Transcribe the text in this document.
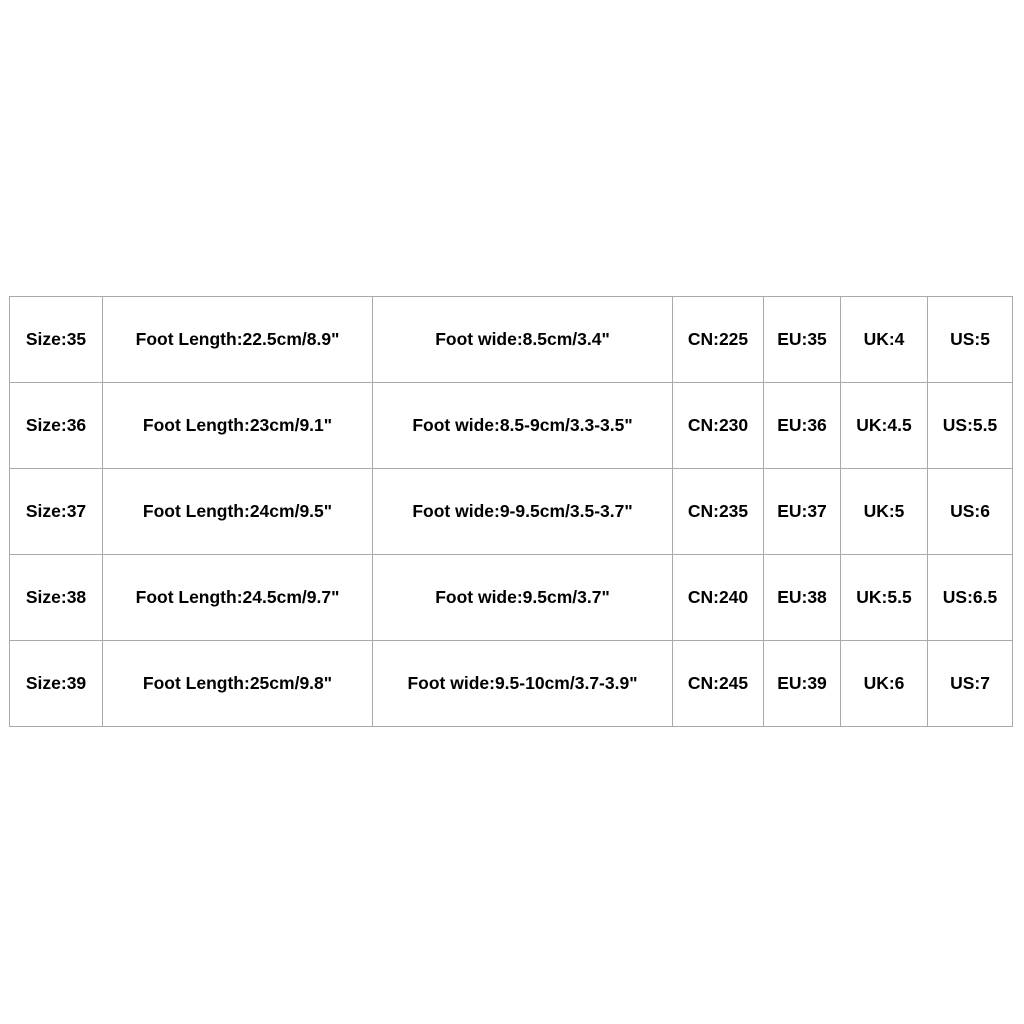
Size:35	Foot Length:22.5cm/8.9"	Foot wide:8.5cm/3.4"	CN:225	EU:35	UK:4	US:5
Size:36	Foot Length:23cm/9.1"	Foot wide:8.5-9cm/3.3-3.5"	CN:230	EU:36	UK:4.5	US:5.5
Size:37	Foot Length:24cm/9.5"	Foot wide:9-9.5cm/3.5-3.7"	CN:235	EU:37	UK:5	US:6
Size:38	Foot Length:24.5cm/9.7"	Foot wide:9.5cm/3.7"	CN:240	EU:38	UK:5.5	US:6.5
Size:39	Foot Length:25cm/9.8"	Foot wide:9.5-10cm/3.7-3.9"	CN:245	EU:39	UK:6	US:7
